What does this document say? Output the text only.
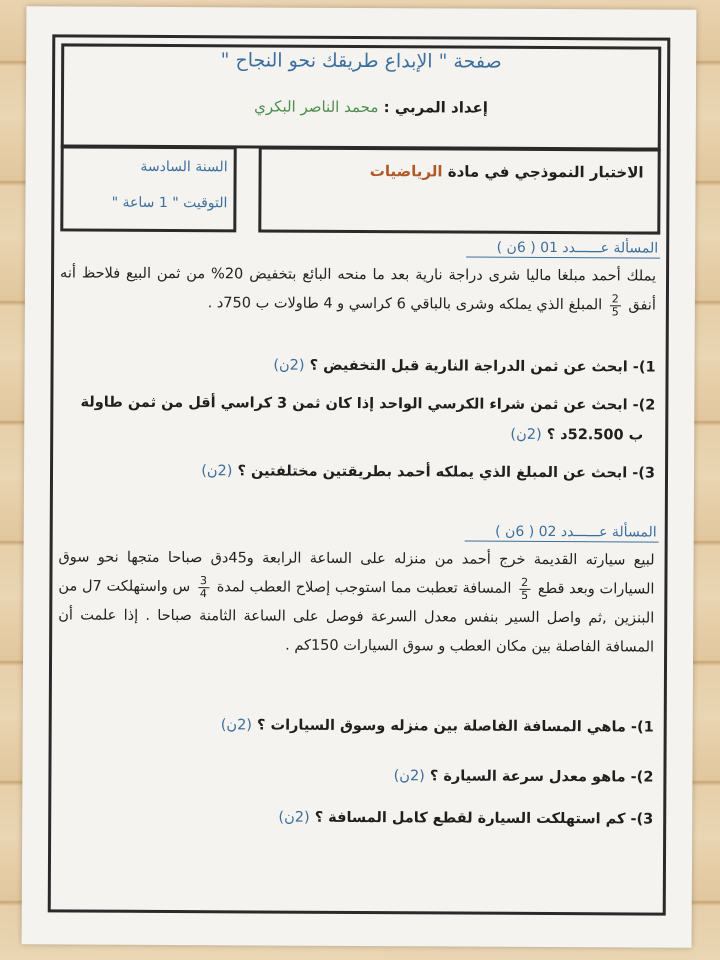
صفحة " الإبداع طريقك نحو النجاح "
إعداد المربي : محمد الناصر البكري
الاختبار النموذجي في مادة الرياضيات
السنة السادسة
التوقيت " 1 ساعة "
المسألة عــــــدد 01 ( 6ن )
يملك أحمد مبلغا ماليا شرى دراجة نارية بعد ما منحه البائع بتخفيض 20% من ثمن البيع فلاحظ أنه أنفق
$\frac{2}{5}$
المبلغ الذي يملكه وشرى بالباقي 6 كراسي و 4 طاولات ب 750د .
1)- ابحث عن ثمن الدراجة النارية قبل التخفيض ؟ (2ن)
2)- ابحث عن ثمن شراء الكرسي الواحد إذا كان ثمن 3 كراسي أقل من ثمن طاولة
ب 52.500د ؟ (2ن)
3)- ابحث عن المبلغ الذي يملكه أحمد بطريقتين مختلفتين ؟ (2ن)
المسألة عــــــدد 02 ( 6ن )
لبيع سيارته القديمة خرج أحمد من منزله على الساعة الرابعة و45دق صباحا متجها نحو سوق السيارات وبعد قطع
$\frac{2}{5}$
المسافة تعطبت مما استوجب إصلاح العطب لمدة
$\frac{3}{4}$
س واستهلكت 7ل من البنزين ,ثم واصل السير بنفس معدل السرعة فوصل على الساعة الثامنة صباحا . إذا علمت أن المسافة الفاصلة بين مكان العطب و سوق السيارات 150كم .
1)- ماهي المسافة الفاصلة بين منزله وسوق السيارات ؟ (2ن)
2)- ماهو معدل سرعة السيارة ؟ (2ن)
3)- كم استهلكت السيارة لقطع كامل المسافة ؟ (2ن)
